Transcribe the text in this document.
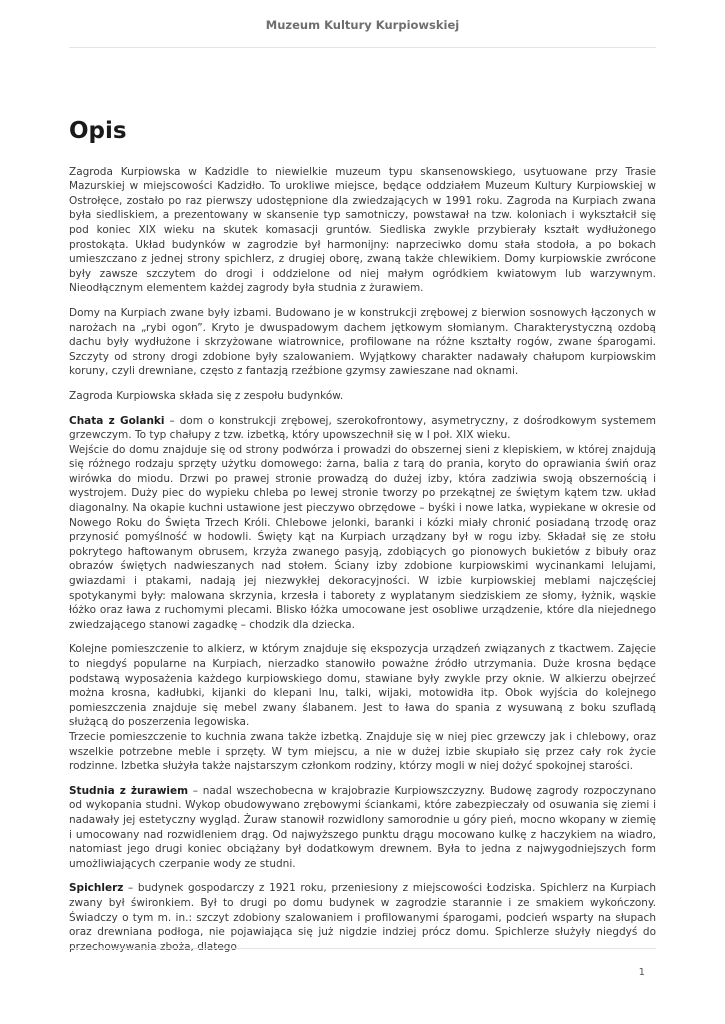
Muzeum Kultury Kurpiowskiej
Opis

Zagroda Kurpiowska w Kadzidle to niewielkie muzeum typu skansenowskiego, usytuowane przy Trasie Mazurskiej w miejscowości Kadzidło. To urokliwe miejsce, będące oddziałem Muzeum Kultury Kurpiowskiej w Ostrołęce, zostało po raz pierwszy udostępnione dla zwiedzających w 1991 roku. Zagroda na Kurpiach zwana była siedliskiem, a prezentowany w skansenie typ samotniczy, powstawał na tzw. koloniach i wykształcił się pod koniec XIX wieku na skutek komasacji gruntów. Siedliska zwykle przybierały kształt wydłużonego prostokąta. Układ budynków w zagrodzie był harmonijny: naprzeciwko domu stała stodoła, a po bokach umieszczano z jednej strony spichlerz, z drugiej oborę, zwaną także chlewikiem. Domy kurpiowskie zwrócone były zawsze szczytem do drogi i oddzielone od niej małym ogródkiem kwiatowym lub warzywnym. Nieodłącznym elementem każdej zagrody była studnia z żurawiem.

Domy na Kurpiach zwane były izbami. Budowano je w konstrukcji zrębowej z bierwion sosnowych łączonych w narożach na „rybi ogon”. Kryto je dwuspadowym dachem jętkowym słomianym. Charakterystyczną ozdobą dachu były wydłużone i skrzyżowane wiatrownice, profilowane na różne kształty rogów, zwane śparogami. Szczyty od strony drogi zdobione były szalowaniem. Wyjątkowy charakter nadawały chałupom kurpiowskim koruny, czyli drewniane, często z fantazją rzeźbione gzymsy zawieszane nad oknami.

Zagroda Kurpiowska składa się z zespołu budynków.

Chata z Golanki – dom o konstrukcji zrębowej, szerokofrontowy, asymetryczny, z dośrodkowym systemem grzewczym. To typ chałupy z tzw. izbetką, który upowszechnił się w I poł. XIX wieku.

Wejście do domu znajduje się od strony podwórza i prowadzi do obszernej sieni z klepiskiem, w której znajdują się różnego rodzaju sprzęty użytku domowego: żarna, balia z tarą do prania, koryto do oprawiania świń oraz wirówka do miodu. Drzwi po prawej stronie prowadzą do dużej izby, która zadziwia swoją obszernością i wystrojem. Duży piec do wypieku chleba po lewej stronie tworzy po przekątnej ze świętym kątem tzw. układ diagonalny. Na okapie kuchni ustawione jest pieczywo obrzędowe – byśki i nowe latka, wypiekane w okresie od Nowego Roku do Święta Trzech Króli. Chlebowe jelonki, baranki i kózki miały chronić posiadaną trzodę oraz przynosić pomyślność w hodowli. Święty kąt na Kurpiach urządzany był w rogu izby. Składał się ze stołu pokrytego haftowanym obrusem, krzyża zwanego pasyją, zdobiących go pionowych bukietów z bibuły oraz obrazów świętych nadwieszanych nad stołem. Ściany izby zdobione kurpiowskimi wycinankami lelujami, gwiazdami i ptakami, nadają jej niezwykłej dekoracyjności. W izbie kurpiowskiej meblami najczęściej spotykanymi były: malowana skrzynia, krzesła i taborety z wyplatanym siedziskiem ze słomy, łyżnik, wąskie łóżko oraz ława z ruchomymi plecami. Blisko łóżka umocowane jest osobliwe urządzenie, które dla niejednego zwiedzającego stanowi zagadkę – chodzik dla dziecka.

Kolejne pomieszczenie to alkierz, w którym znajduje się ekspozycja urządzeń związanych z tkactwem. Zajęcie to niegdyś popularne na Kurpiach, nierzadko stanowiło poważne źródło utrzymania. Duże krosna będące podstawą wyposażenia każdego kurpiowskiego domu, stawiane były zwykle przy oknie. W alkierzu obejrzeć można krosna, kadłubki, kijanki do klepani lnu, talki, wijaki, motowidła itp. Obok wyjścia do kolejnego pomieszczenia znajduje się mebel zwany ślabanem. Jest to ława do spania z wysuwaną z boku szufladą służącą do poszerzenia legowiska.

Trzecie pomieszczenie to kuchnia zwana także izbetką. Znajduje się w niej piec grzewczy jak i chlebowy, oraz wszelkie potrzebne meble i sprzęty. W tym miejscu, a nie w dużej izbie skupiało się przez cały rok życie rodzinne. Izbetka służyła także najstarszym członkom rodziny, którzy mogli w niej dożyć spokojnej starości.

Studnia z żurawiem – nadal wszechobecna w krajobrazie Kurpiowszczyzny. Budowę zagrody rozpoczynano od wykopania studni. Wykop obudowywano zrębowymi ściankami, które zabezpieczały od osuwania się ziemi i nadawały jej estetyczny wygląd. Żuraw stanowił rozwidlony samorodnie u góry pień, mocno wkopany w ziemię i umocowany nad rozwidleniem drąg. Od najwyższego punktu drągu mocowano kulkę z haczykiem na wiadro, natomiast jego drugi koniec obciążany był dodatkowym drewnem. Była to jedna z najwygodniejszych form umożliwiających czerpanie wody ze studni.

Spichlerz – budynek gospodarczy z 1921 roku, przeniesiony z miejscowości Łodziska. Spichlerz na Kurpiach zwany był świronkiem. Był to drugi po domu budynek w zagrodzie starannie i ze smakiem wykończony. Świadczy o tym m. in.: szczyt zdobiony szalowaniem i profilowanymi śparogami, podcień wsparty na słupach oraz drewniana podłoga, nie pojawiająca się już nigdzie indziej prócz domu. Spichlerze służyły niegdyś do przechowywania zboża, dlatego

1
